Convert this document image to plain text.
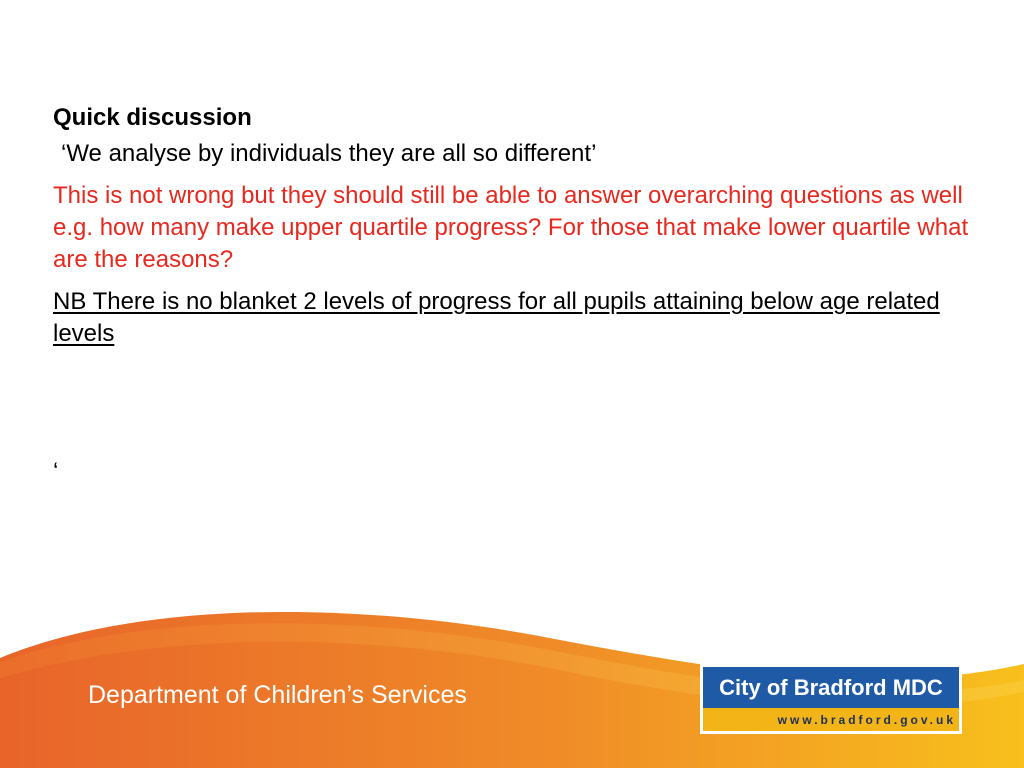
Quick discussion

‘We analyse by individuals they are all so different’

This is not wrong but they should still be able to answer overarching questions as well e.g. how many make upper quartile progress? For those that make lower quartile what are the reasons?

NB There is no blanket 2 levels of progress for all pupils attaining below age related levels

‘
Department of Children’s Services	City of Bradford MDC
www.bradford.gov.uk
